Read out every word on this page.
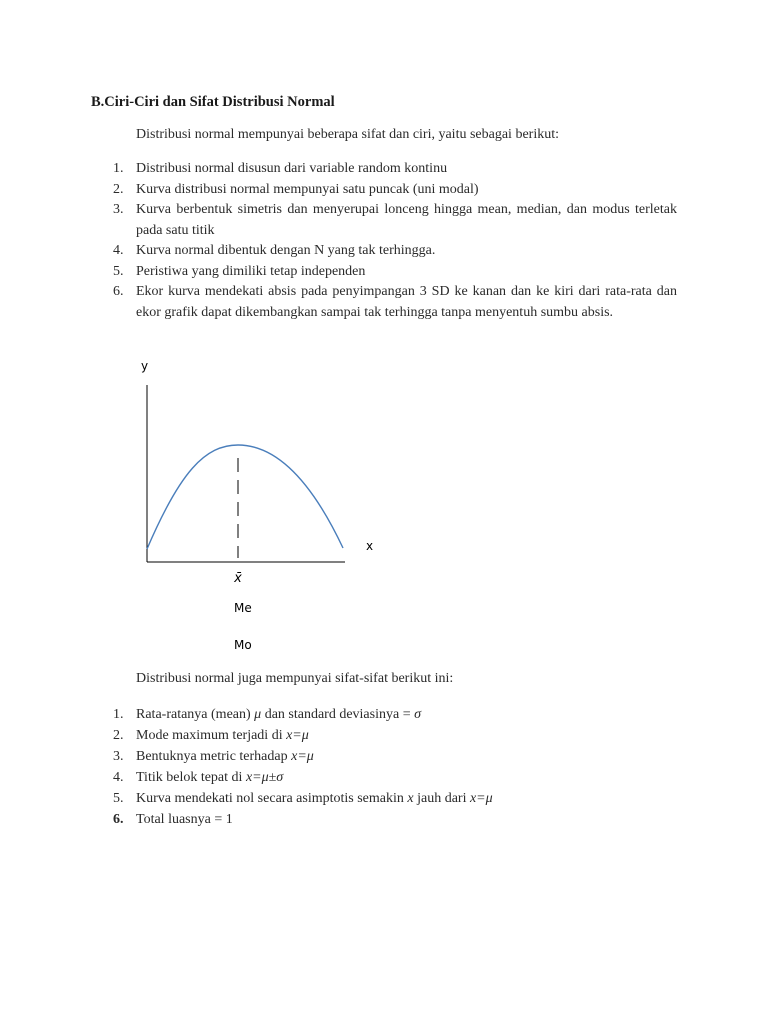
B.Ciri-Ciri dan Sifat Distribusi Normal
Distribusi normal mempunyai beberapa sifat dan ciri, yaitu sebagai berikut:
1. Distribusi normal disusun dari variable random kontinu
2. Kurva distribusi normal mempunyai satu puncak (uni modal)
3. Kurva berbentuk simetris dan menyerupai lonceng hingga mean, median, dan modus terletak pada satu titik
4. Kurva normal dibentuk dengan N yang tak terhingga.
5. Peristiwa yang dimiliki tetap independen
6. Ekor kurva mendekati absis pada penyimpangan 3 SD ke kanan dan ke kiri dari rata-rata dan ekor grafik dapat dikembangkan sampai tak terhingga tanpa menyentuh sumbu absis.
y
x
x̄
Me
Mo
Distribusi normal juga mempunyai sifat-sifat berikut ini:
1. Rata-ratanya (mean) μ dan standard deviasinya = σ
2. Mode maximum terjadi di x=μ
3. Bentuknya metric terhadap x=μ
4. Titik belok tepat di x=μ±σ
5. Kurva mendekati nol secara asimptotis semakin x jauh dari x=μ
6. Total luasnya = 1
